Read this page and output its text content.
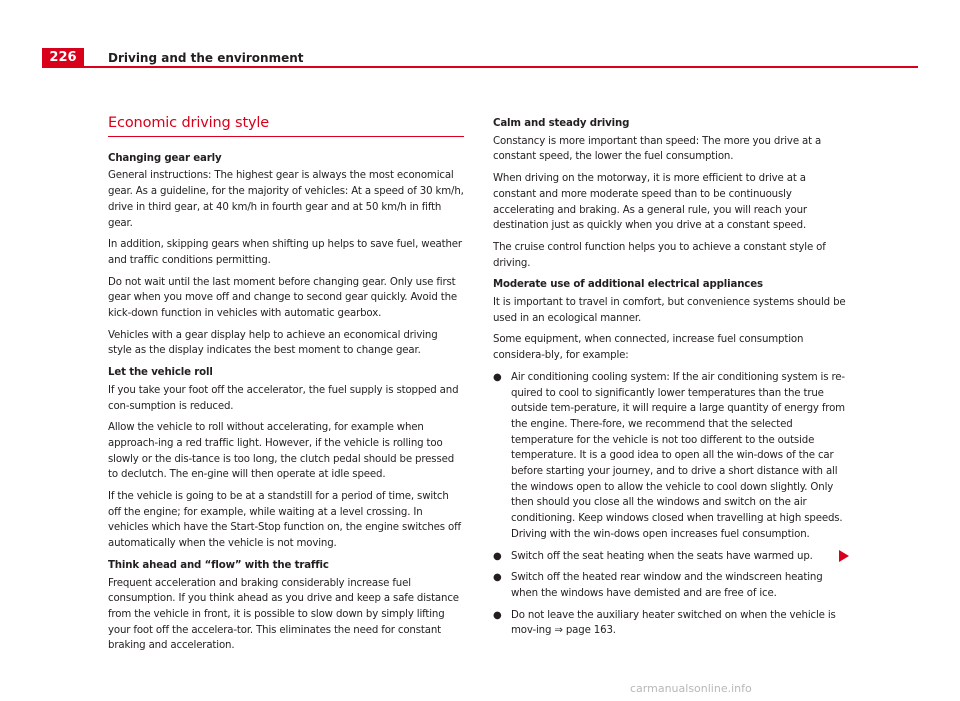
226	Driving and the environment
Economic driving style

Changing gear early

General instructions: The highest gear is always the most economical gear. As a guideline, for the majority of vehicles: At a speed of 30 km/h, drive in third gear, at 40 km/h in fourth gear and at 50 km/h in fifth gear.

In addition, skipping gears when shifting up helps to save fuel, weather and traffic conditions permitting.

Do not wait until the last moment before changing gear. Only use first gear when you move off and change to second gear quickly. Avoid the kick-down function in vehicles with automatic gearbox.

Vehicles with a gear display help to achieve an economical driving style as the display indicates the best moment to change gear.

Let the vehicle roll

If you take your foot off the accelerator, the fuel supply is stopped and con-sumption is reduced.

Allow the vehicle to roll without accelerating, for example when approach-ing a red traffic light. However, if the vehicle is rolling too slowly or the dis-tance is too long, the clutch pedal should be pressed to declutch. The en-gine will then operate at idle speed.

If the vehicle is going to be at a standstill for a period of time, switch off the engine; for example, while waiting at a level crossing. In vehicles which have the Start-Stop function on, the engine switches off automatically when the vehicle is not moving.

Think ahead and “flow” with the traffic

Frequent acceleration and braking considerably increase fuel consumption. If you think ahead as you drive and keep a safe distance from the vehicle in front, it is possible to slow down by simply lifting your foot off the accelera-tor. This eliminates the need for constant braking and acceleration.

Calm and steady driving

Constancy is more important than speed: The more you drive at a constant speed, the lower the fuel consumption.

When driving on the motorway, it is more efficient to drive at a constant and more moderate speed than to be continuously accelerating and braking. As a general rule, you will reach your destination just as quickly when you drive at a constant speed.

The cruise control function helps you to achieve a constant style of driving.

Moderate use of additional electrical appliances

It is important to travel in comfort, but convenience systems should be used in an ecological manner.

Some equipment, when connected, increase fuel consumption considera-bly, for example:

● Air conditioning cooling system: If the air conditioning system is re-quired to cool to significantly lower temperatures than the true outside tem-perature, it will require a large quantity of energy from the engine. There-fore, we recommend that the selected temperature for the vehicle is not too different to the outside temperature. It is a good idea to open all the win-dows of the car before starting your journey, and to drive a short distance with all the windows open to allow the vehicle to cool down slightly. Only then should you close all the windows and switch on the air conditioning. Keep windows closed when travelling at high speeds. Driving with the win-dows open increases fuel consumption.
● Switch off the seat heating when the seats have warmed up.
● Switch off the heated rear window and the windscreen heating when the windows have demisted and are free of ice.
● Do not leave the auxiliary heater switched on when the vehicle is mov-ing ⇒ page 163.
carmanualsonline.info
